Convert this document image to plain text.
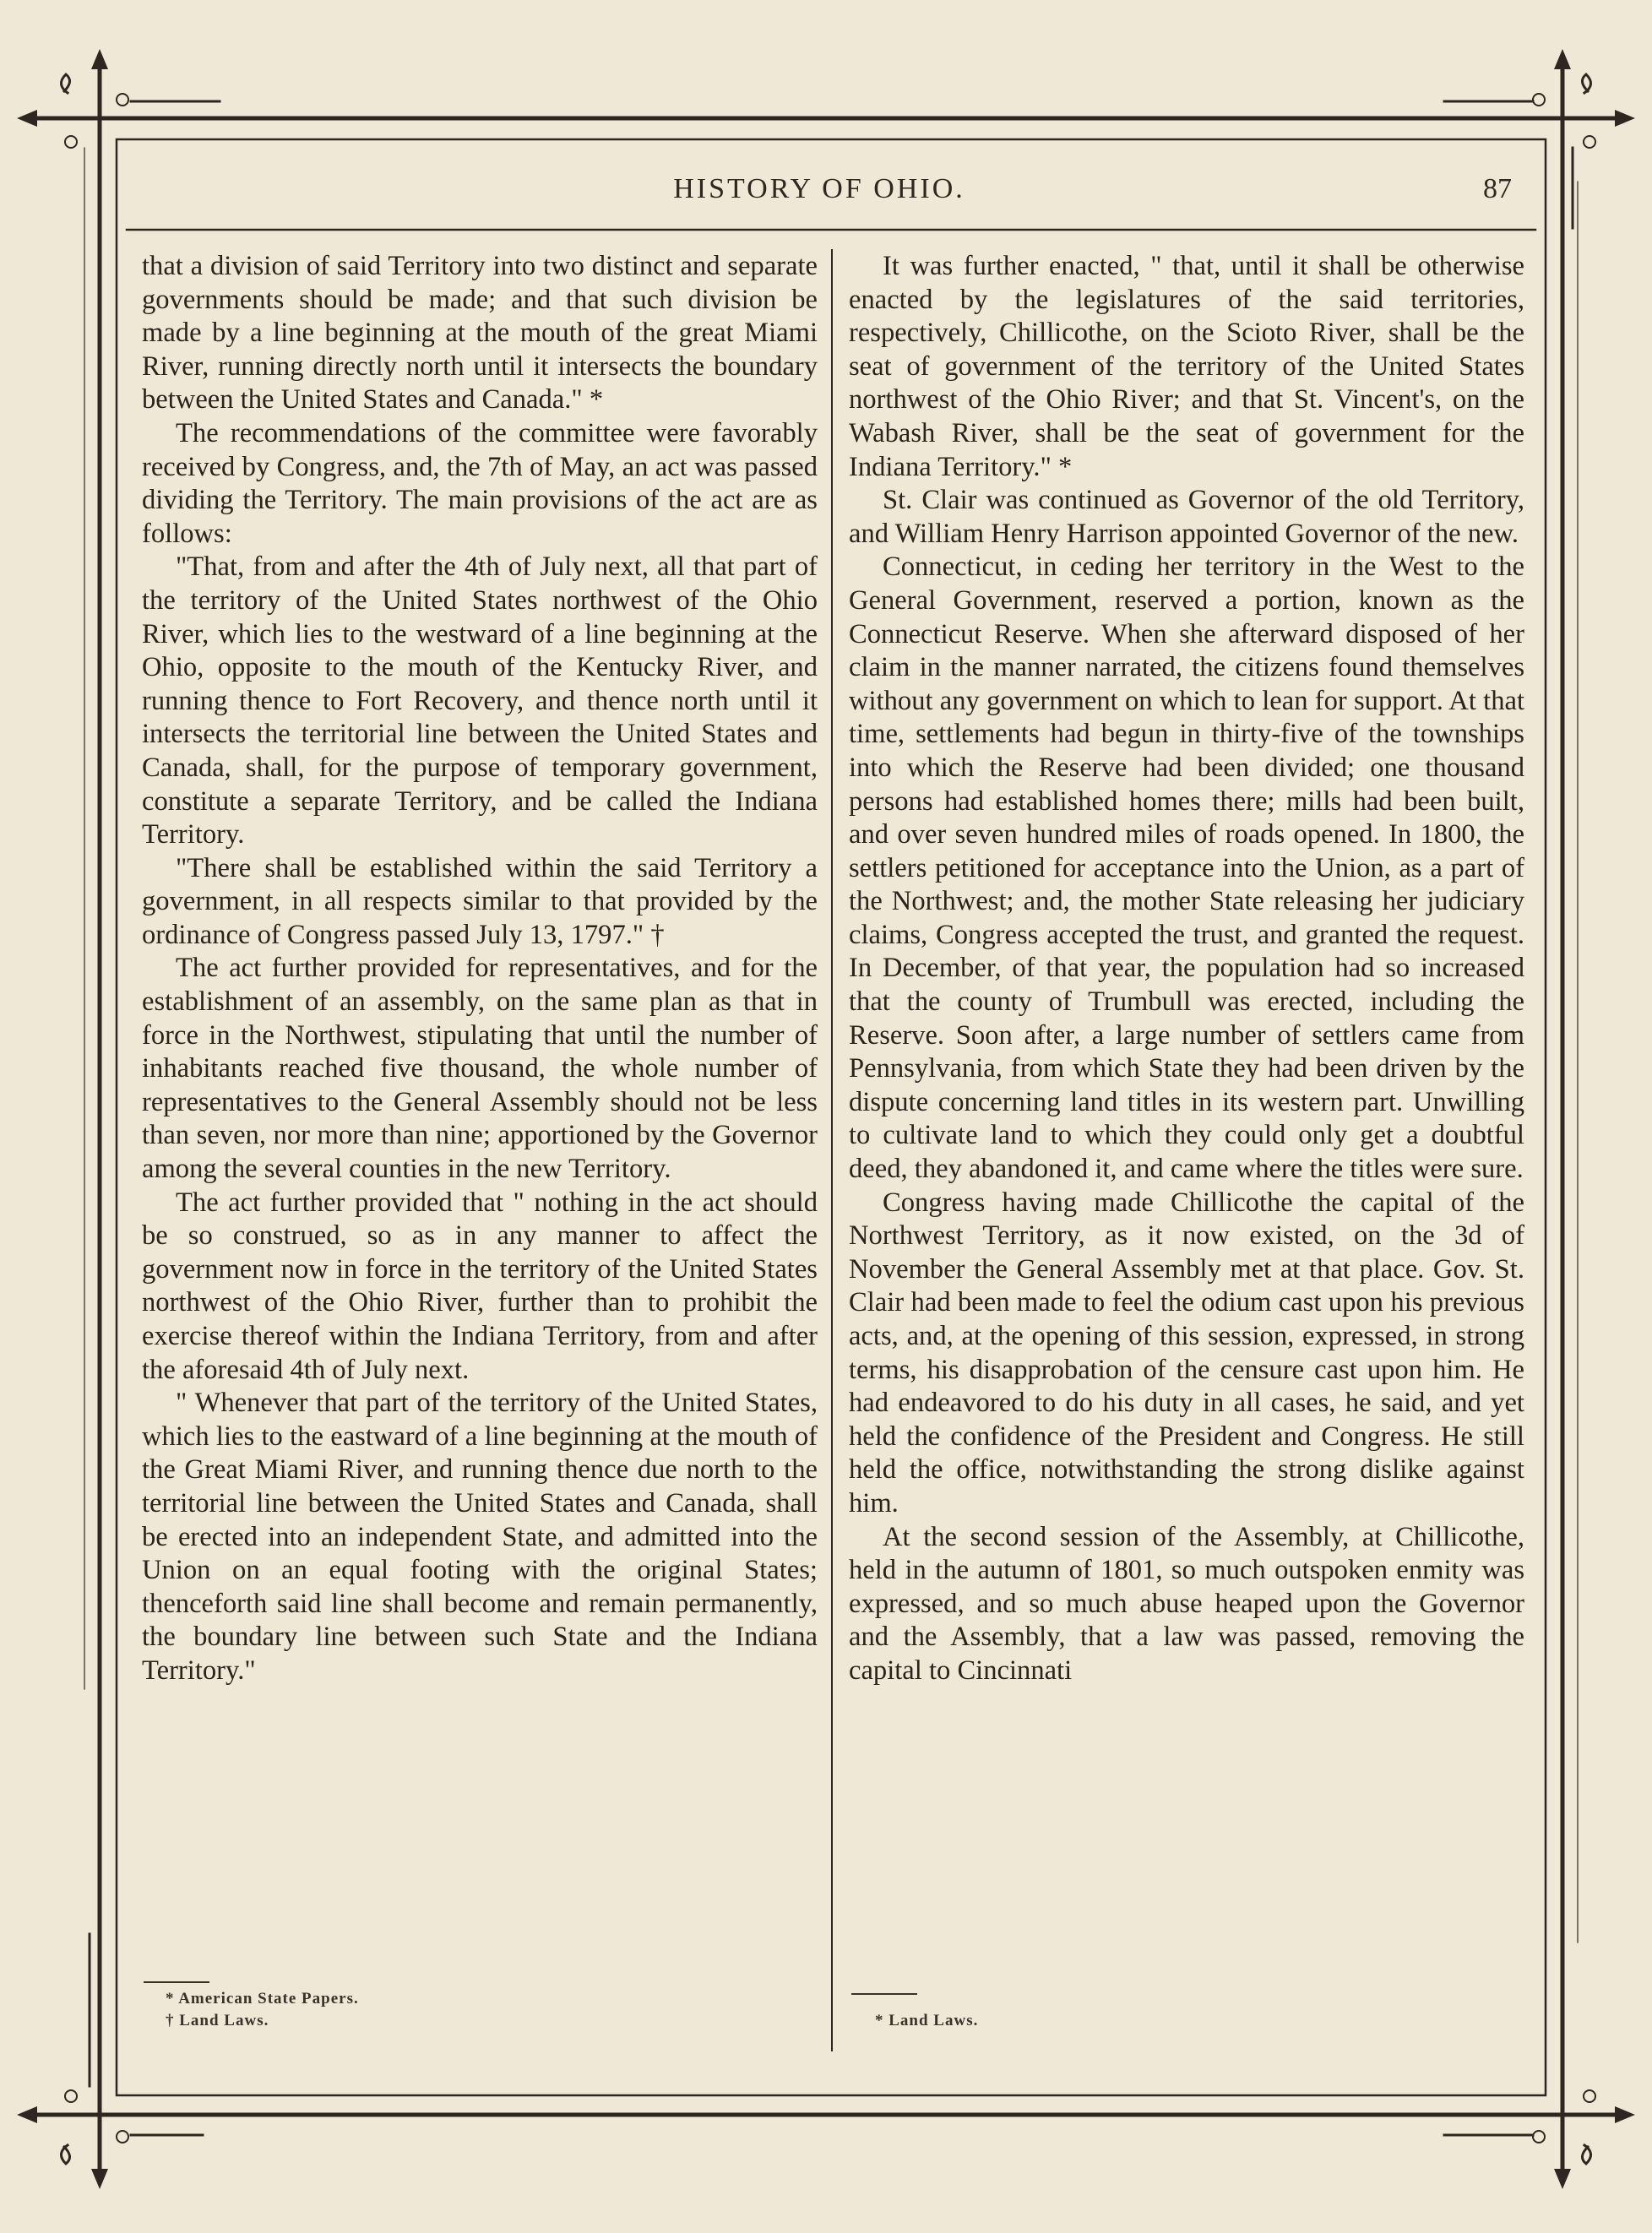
HISTORY OF OHIO.	87

that a division of said Territory into two distinct and separate governments should be made; and that such division be made by a line beginning at the mouth of the great Miami River, running directly north until it intersects the boundary between the United States and Canada." *

The recommendations of the committee were favorably received by Congress, and, the 7th of May, an act was passed dividing the Territory. The main provisions of the act are as follows:

"That, from and after the 4th of July next, all that part of the territory of the United States northwest of the Ohio River, which lies to the westward of a line beginning at the Ohio, opposite to the mouth of the Kentucky River, and running thence to Fort Recovery, and thence north until it intersects the territorial line between the United States and Canada, shall, for the purpose of temporary government, constitute a separate Territory, and be called the Indiana Territory.

"There shall be established within the said Territory a government, in all respects similar to that provided by the ordinance of Congress passed July 13, 1797." †

The act further provided for representatives, and for the establishment of an assembly, on the same plan as that in force in the Northwest, stipulating that until the number of inhabitants reached five thousand, the whole number of representatives to the General Assembly should not be less than seven, nor more than nine; apportioned by the Governor among the several counties in the new Territory.

The act further provided that " nothing in the act should be so construed, so as in any manner to affect the government now in force in the territory of the United States northwest of the Ohio River, further than to prohibit the exercise thereof within the Indiana Territory, from and after the aforesaid 4th of July next.

" Whenever that part of the territory of the United States, which lies to the eastward of a line beginning at the mouth of the Great Miami River, and running thence due north to the territorial line between the United States and Canada, shall be erected into an independent State, and admitted into the Union on an equal footing with the original States; thenceforth said line shall become and remain permanently, the boundary line between such State and the Indiana Territory."

It was further enacted, " that, until it shall be otherwise enacted by the legislatures of the said territories, respectively, Chillicothe, on the Scioto River, shall be the seat of government of the territory of the United States northwest of the Ohio River; and that St. Vincent's, on the Wabash River, shall be the seat of government for the Indiana Territory." *

St. Clair was continued as Governor of the old Territory, and William Henry Harrison appointed Governor of the new.

Connecticut, in ceding her territory in the West to the General Government, reserved a portion, known as the Connecticut Reserve. When she afterward disposed of her claim in the manner narrated, the citizens found themselves without any government on which to lean for support. At that time, settlements had begun in thirty-five of the townships into which the Reserve had been divided; one thousand persons had established homes there; mills had been built, and over seven hundred miles of roads opened. In 1800, the settlers petitioned for acceptance into the Union, as a part of the Northwest; and, the mother State releasing her judiciary claims, Congress accepted the trust, and granted the request. In December, of that year, the population had so increased that the county of Trumbull was erected, including the Reserve. Soon after, a large number of settlers came from Pennsylvania, from which State they had been driven by the dispute concerning land titles in its western part. Unwilling to cultivate land to which they could only get a doubtful deed, they abandoned it, and came where the titles were sure.

Congress having made Chillicothe the capital of the Northwest Territory, as it now existed, on the 3d of November the General Assembly met at that place. Gov. St. Clair had been made to feel the odium cast upon his previous acts, and, at the opening of this session, expressed, in strong terms, his disapprobation of the censure cast upon him. He had endeavored to do his duty in all cases, he said, and yet held the confidence of the President and Congress. He still held the office, notwithstanding the strong dislike against him.

At the second session of the Assembly, at Chillicothe, held in the autumn of 1801, so much outspoken enmity was expressed, and so much abuse heaped upon the Governor and the Assembly, that a law was passed, removing the capital to Cincinnati

* American State Papers.
† Land Laws.	* Land Laws.
